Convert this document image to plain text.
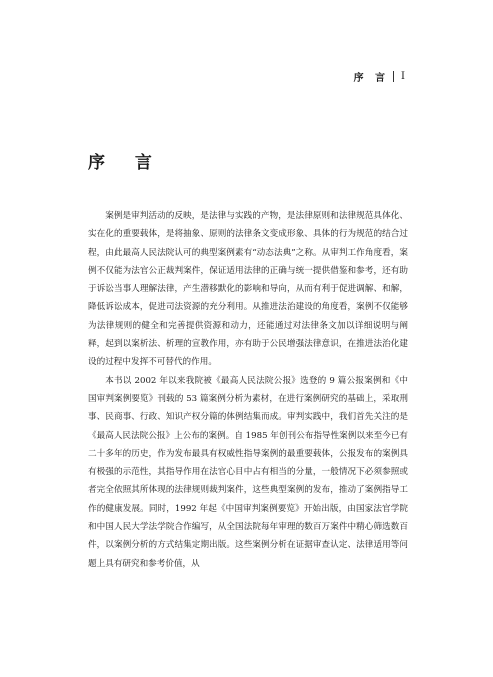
序 言 I
序 言

案例是审判活动的反映，是法律与实践的产物，是法律原则和法律规范具体化、实在化的重要载体，是将抽象、原则的法律条文变成形象、具体的行为规范的结合过程，由此最高人民法院认可的典型案例素有“动态法典”之称。从审判工作角度看，案例不仅能为法官公正裁判案件，保证适用法律的正确与统一提供借鉴和参考，还有助于诉讼当事人理解法律，产生潜移默化的影响和导向，从而有利于促进调解、和解，降低诉讼成本，促进司法资源的充分利用。从推进法治建设的角度看，案例不仅能够为法律规则的健全和完善提供资源和动力，还能通过对法律条文加以详细说明与阐释，起到以案析法、析理的宣教作用，亦有助于公民增强法律意识，在推进法治化建设的过程中发挥不可替代的作用。

本书以 2002 年以来我院被《最高人民法院公报》选登的 9 篇公报案例和《中国审判案例要览》刊载的 53 篇案例分析为素材，在进行案例研究的基础上，采取刑事、民商事、行政、知识产权分篇的体例结集而成。审判实践中，我们首先关注的是《最高人民法院公报》上公布的案例。自 1985 年创刊公布指导性案例以来至今已有二十多年的历史，作为发布最具有权威性指导案例的最重要载体，公报发布的案例具有极强的示范性，其指导作用在法官心目中占有相当的分量，一般情况下必须参照或者完全依照其所体现的法律规则裁判案件，这些典型案例的发布，推动了案例指导工作的健康发展。同时，1992 年起《中国审判案例要览》开始出版，由国家法官学院和中国人民大学法学院合作编写，从全国法院每年审理的数百万案件中精心筛选数百件，以案例分析的方式结集定期出版。这些案例分析在证据审查认定、法律适用等问题上具有研究和参考价值，从
